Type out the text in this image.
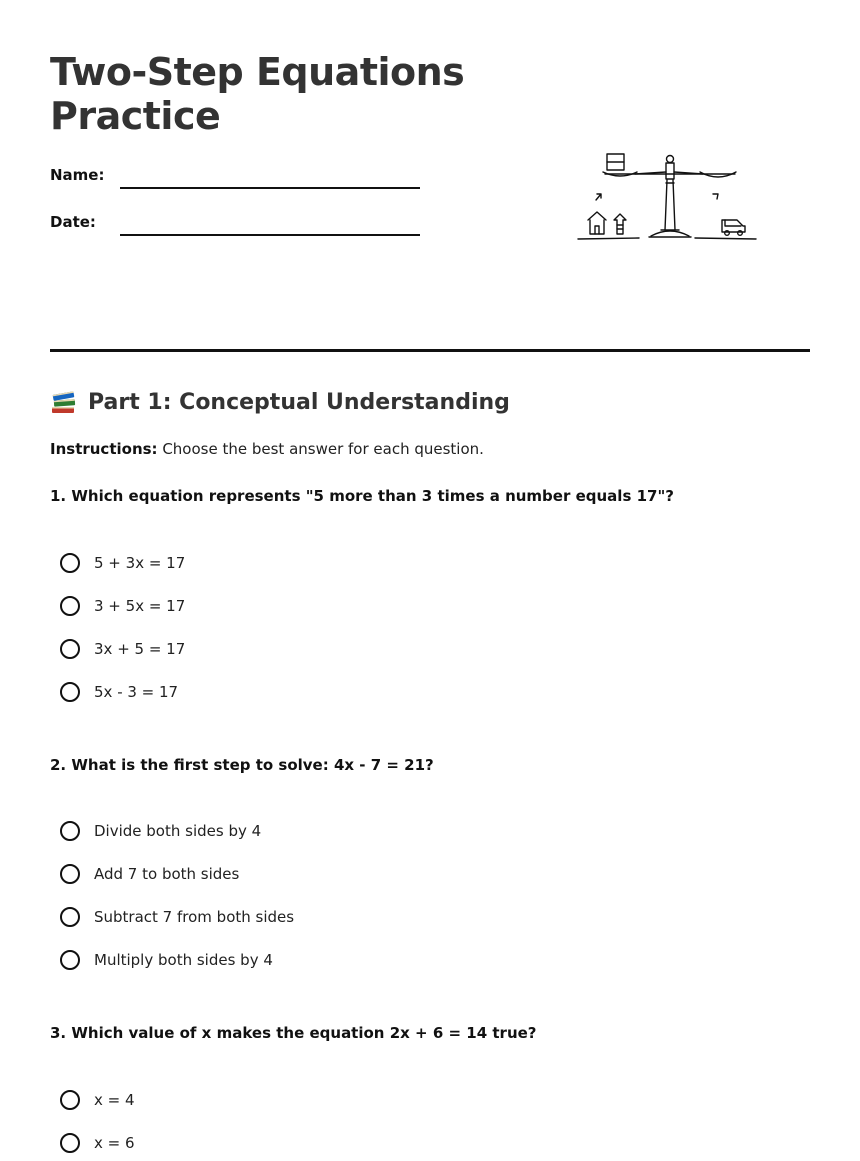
Two-Step Equations
Practice
Name:
Date:
Part 1: Conceptual Understanding

Instructions: Choose the best answer for each question.

1. Which equation represents "5 more than 3 times a number equals 17"?
5 + 3x = 17
3 + 5x = 17
3x + 5 = 17
5x - 3 = 17
2. What is the first step to solve: 4x - 7 = 21?
Divide both sides by 4
Add 7 to both sides
Subtract 7 from both sides
Multiply both sides by 4
3. Which value of x makes the equation 2x + 6 = 14 true?
x = 4
x = 6
